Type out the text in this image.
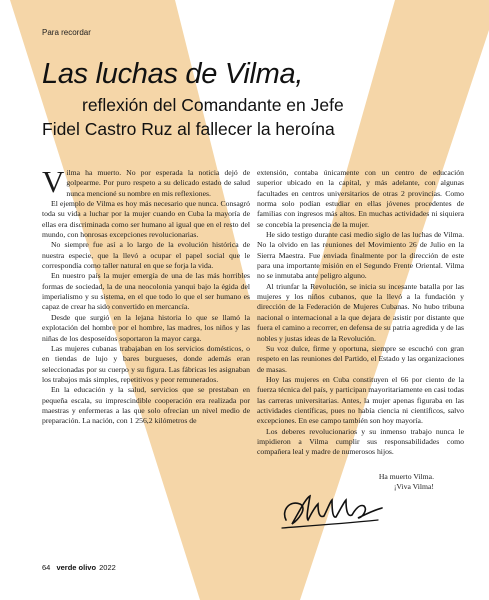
Para recordar
Las luchas de Vilma,
reflexión del Comandante en Jefe
Fidel Castro Ruz al fallecer la heroína

Vilma ha muerto. No por esperada la noticia dejó de golpearme. Por puro respeto a su delicado estado de salud nunca mencioné su nombre en mis reflexiones.

El ejemplo de Vilma es hoy más necesario que nunca. Consagró toda su vida a luchar por la mujer cuando en Cuba la mayoría de ellas era discriminada como ser humano al igual que en el resto del mundo, con honrosas excepciones revolucionarias.

No siempre fue así a lo largo de la evolución histórica de nuestra especie, que la llevó a ocupar el papel social que le correspondía como taller natural en que se forja la vida.

En nuestro país la mujer emergía de una de las más horribles formas de sociedad, la de una neocolonia yanqui bajo la égida del imperialismo y su sistema, en el que todo lo que el ser humano es capaz de crear ha sido convertido en mercancía.

Desde que surgió en la lejana historia lo que se llamó la explotación del hombre por el hombre, las madres, los niños y las niñas de los desposeídos soportaron la mayor carga.

Las mujeres cubanas trabajaban en los servicios domésticos, o en tiendas de lujo y bares burgueses, donde además eran seleccionadas por su cuerpo y su figura. Las fábricas les asignaban los trabajos más simples, repetitivos y peor remunerados.

En la educación y la salud, servicios que se prestaban en pequeña escala, su imprescindible cooperación era realizada por maestras y enfermeras a las que solo ofrecían un nivel medio de preparación. La nación, con 1 256,2 kilómetros de

extensión, contaba únicamente con un centro de educación superior ubicado en la capital, y más adelante, con algunas facultades en centros universitarios de otras 2 provincias. Como norma solo podían estudiar en ellas jóvenes procedentes de familias con ingresos más altos. En muchas actividades ni siquiera se concebía la presencia de la mujer.

He sido testigo durante casi medio siglo de las luchas de Vilma. No la olvido en las reuniones del Movimiento 26 de Julio en la Sierra Maestra. Fue enviada finalmente por la dirección de este para una importante misión en el Segundo Frente Oriental. Vilma no se inmutaba ante peligro alguno.

Al triunfar la Revolución, se inicia su incesante batalla por las mujeres y los niños cubanos, que la llevó a la fundación y dirección de la Federación de Mujeres Cubanas. No hubo tribuna nacional o internacional a la que dejara de asistir por distante que fuera el camino a recorrer, en defensa de su patria agredida y de las nobles y justas ideas de la Revolución.

Su voz dulce, firme y oportuna, siempre se escuchó con gran respeto en las reuniones del Partido, el Estado y las organizaciones de masas.

Hoy las mujeres en Cuba constituyen el 66 por ciento de la fuerza técnica del país, y participan mayoritariamente en casi todas las carreras universitarias. Antes, la mujer apenas figuraba en las actividades científicas, pues no había ciencia ni científicos, salvo excepciones. En ese campo también son hoy mayoría.

Los deberes revolucionarios y su inmenso trabajo nunca le impidieron a Vilma cumplir sus responsabilidades como compañera leal y madre de numerosos hijos.

Ha muerto Vilma.

¡Viva Vilma!

64 verde olivo 2022
